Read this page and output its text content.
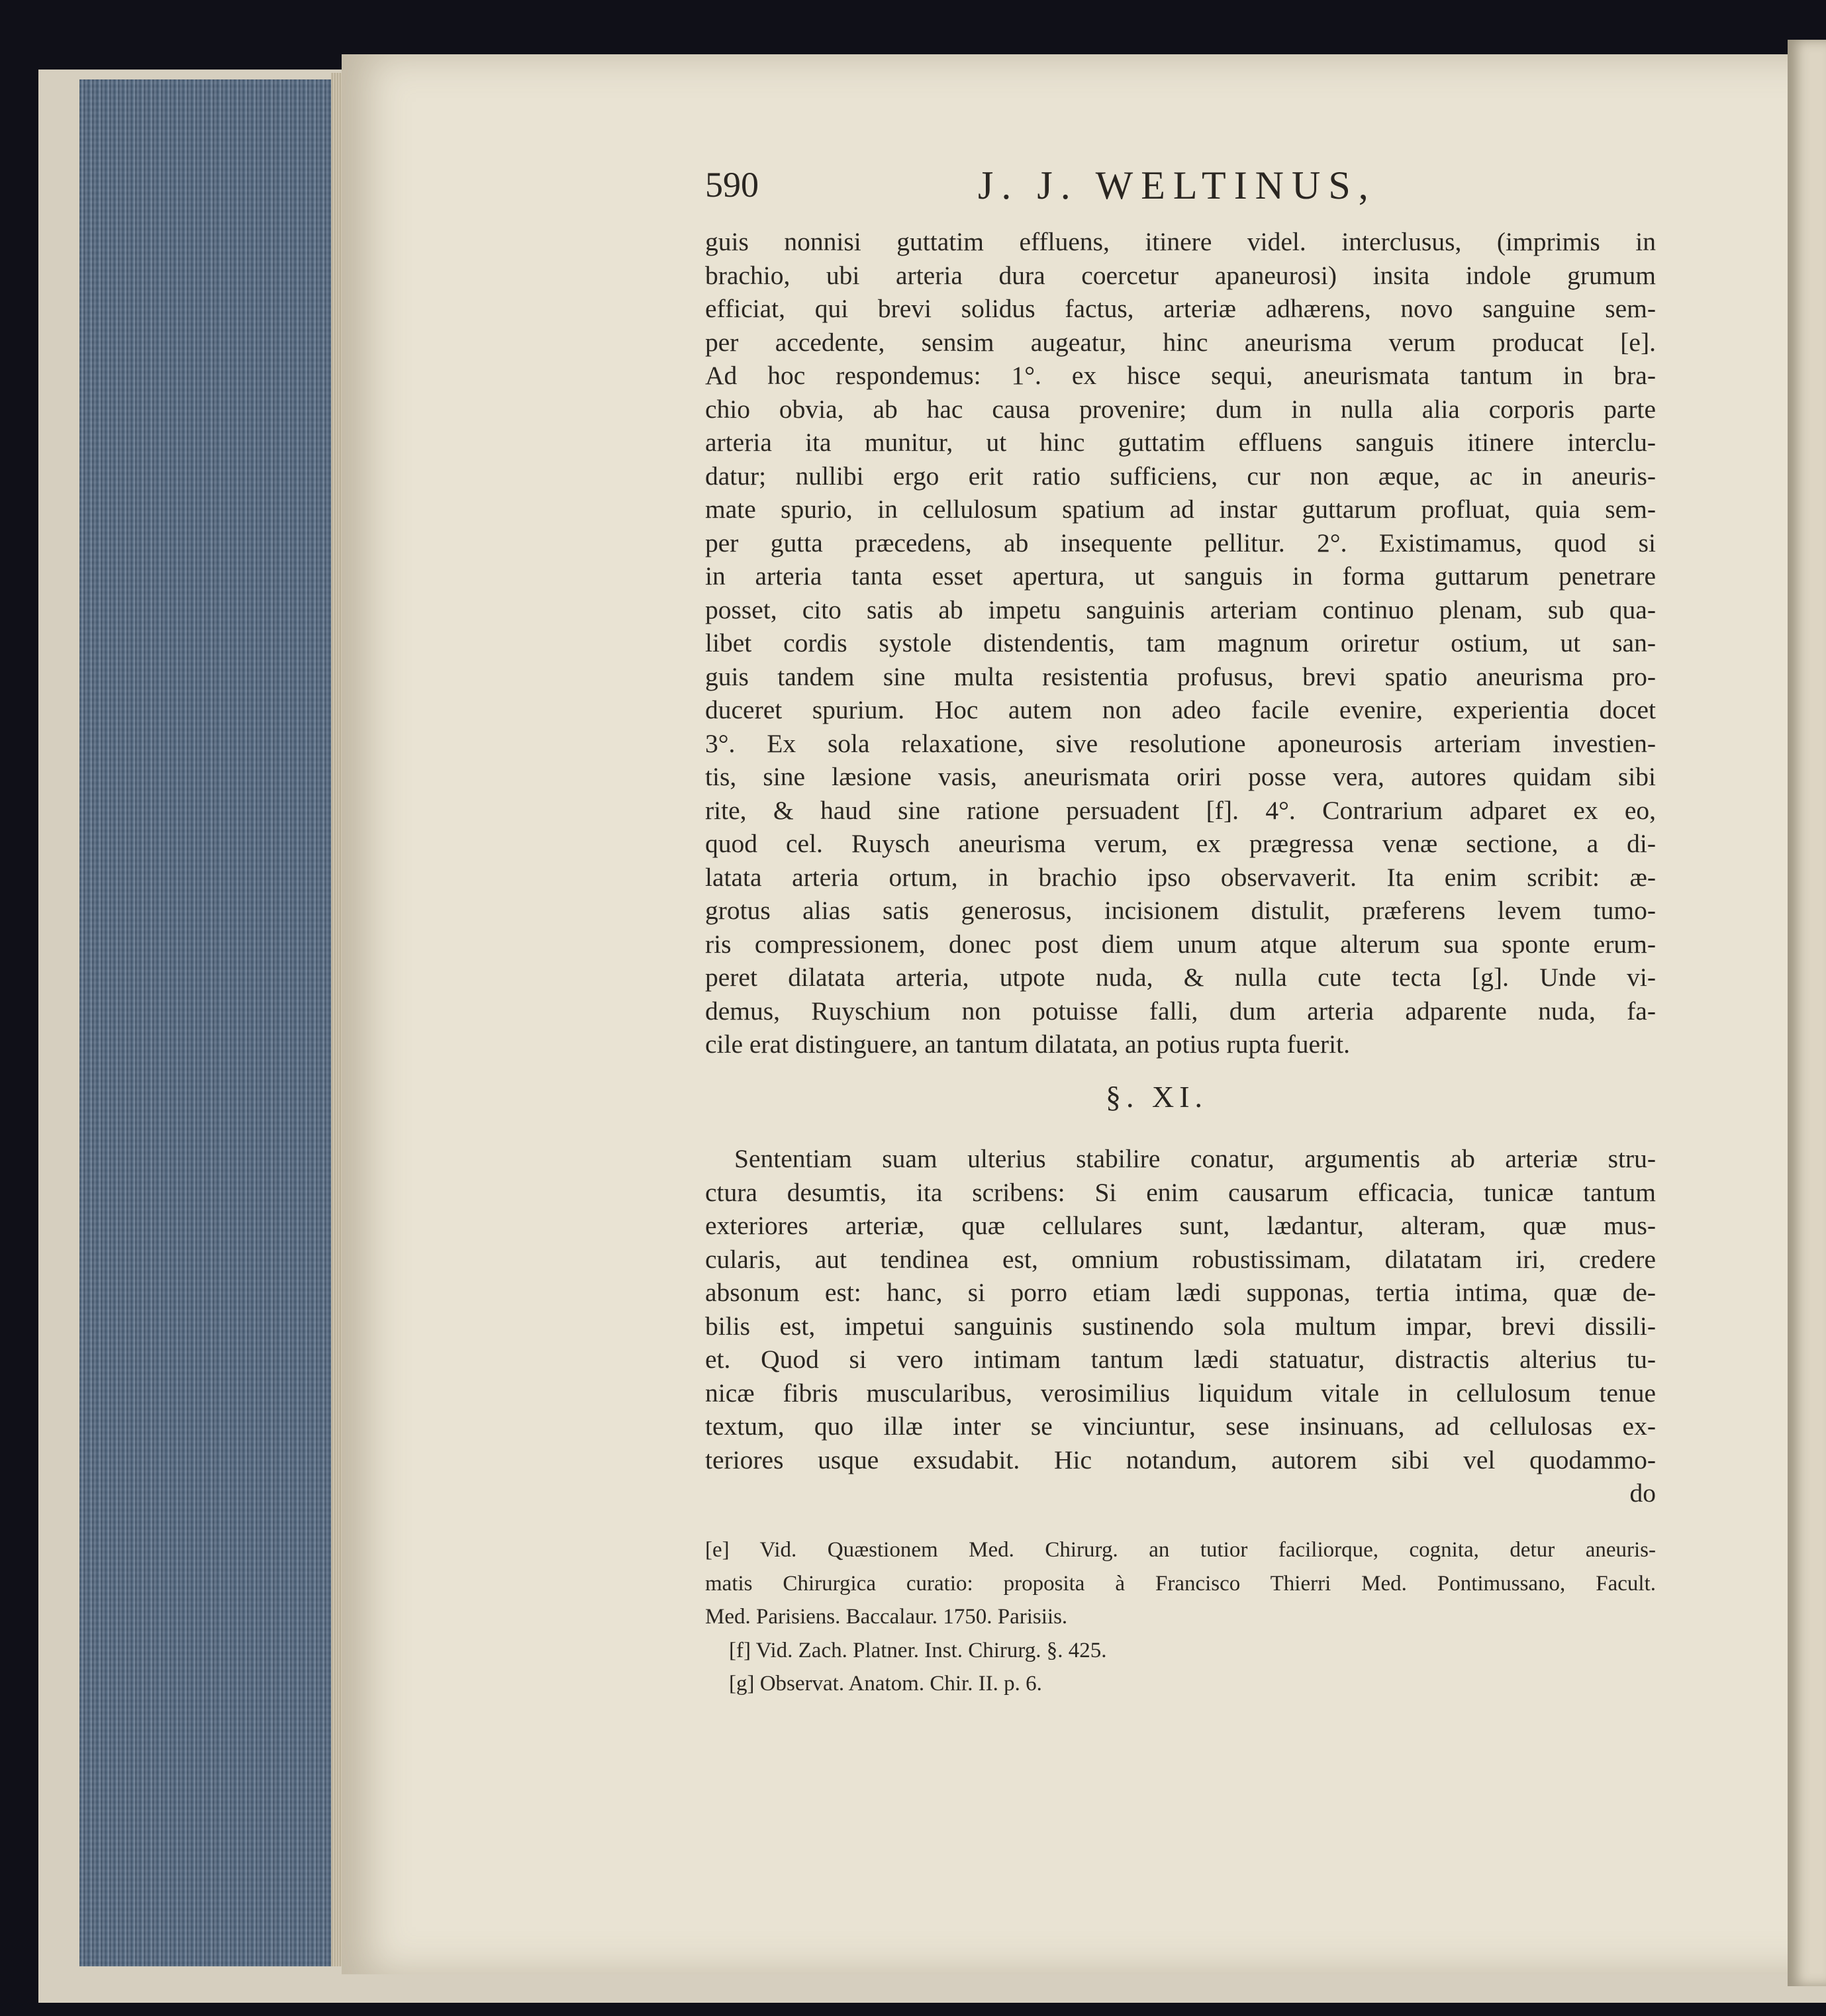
590	J. J. WELTINUS,
guis nonnisi guttatim effluens, itinere videl. interclusus, (imprimis in
brachio, ubi arteria dura coercetur apaneurosi) insita indole grumum
efficiat, qui brevi solidus factus, arteriæ adhærens, novo sanguine sem-
per accedente, sensim augeatur, hinc aneurisma verum producat [e].
Ad hoc respondemus: 1°. ex hisce sequi, aneurismata tantum in bra-
chio obvia, ab hac causa provenire; dum in nulla alia corporis parte
arteria ita munitur, ut hinc guttatim effluens sanguis itinere interclu-
datur; nullibi ergo erit ratio sufficiens, cur non æque, ac in aneuris-
mate spurio, in cellulosum spatium ad instar guttarum profluat, quia sem-
per gutta præcedens, ab insequente pellitur. 2°. Existimamus, quod si
in arteria tanta esset apertura, ut sanguis in forma guttarum penetrare
posset, cito satis ab impetu sanguinis arteriam continuo plenam, sub qua-
libet cordis systole distendentis, tam magnum oriretur ostium, ut san-
guis tandem sine multa resistentia profusus, brevi spatio aneurisma pro-
duceret spurium. Hoc autem non adeo facile evenire, experientia docet
3°. Ex sola relaxatione, sive resolutione aponeurosis arteriam investien-
tis, sine læsione vasis, aneurismata oriri posse vera, autores quidam sibi
rite, & haud sine ratione persuadent [f]. 4°. Contrarium adparet ex eo,
quod cel. Ruysch aneurisma verum, ex prægressa venæ sectione, a di-
latata arteria ortum, in brachio ipso observaverit. Ita enim scribit: æ-
grotus alias satis generosus, incisionem distulit, præferens levem tumo-
ris compressionem, donec post diem unum atque alterum sua sponte erum-
peret dilatata arteria, utpote nuda, & nulla cute tecta [g]. Unde vi-
demus, Ruyschium non potuisse falli, dum arteria adparente nuda, fa-
cile erat distinguere, an tantum dilatata, an potius rupta fuerit.
§. XI.
Sententiam suam ulterius stabilire conatur, argumentis ab arteriæ stru-
ctura desumtis, ita scribens: Si enim causarum efficacia, tunicæ tantum
exteriores arteriæ, quæ cellulares sunt, lædantur, alteram, quæ mus-
cularis, aut tendinea est, omnium robustissimam, dilatatam iri, credere
absonum est: hanc, si porro etiam lædi supponas, tertia intima, quæ de-
bilis est, impetui sanguinis sustinendo sola multum impar, brevi dissili-
et. Quod si vero intimam tantum lædi statuatur, distractis alterius tu-
nicæ fibris muscularibus, verosimilius liquidum vitale in cellulosum tenue
textum, quo illæ inter se vinciuntur, sese insinuans, ad cellulosas ex-
teriores usque exsudabit. Hic notandum, autorem sibi vel quodammo-
do
[e] Vid. Quæstionem Med. Chirurg. an tutior faciliorque, cognita, detur aneuris-
matis Chirurgica curatio: proposita à Francisco Thierri Med. Pontimussano, Facult.
Med. Parisiens. Baccalaur. 1750. Parisiis.
[f] Vid. Zach. Platner. Inst. Chirurg. §. 425.
[g] Observat. Anatom. Chir. II. p. 6.
